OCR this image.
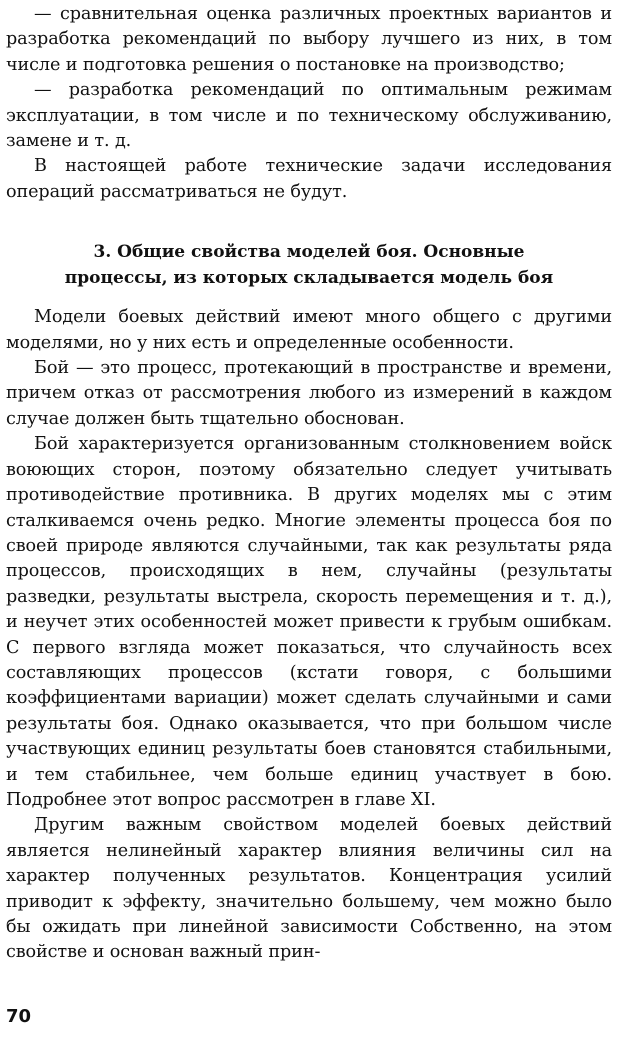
— сравнительная оценка различных проектных вариантов и разработка рекомендаций по выбору лучшего из них, в том числе и подготовка решения о постановке на производство;

— разработка рекомендаций по оптимальным режимам эксплуатации, в том числе и по техническому обслуживанию, замене и т. д.

В настоящей работе технические задачи исследования операций рассматриваться не будут.

3. Общие свойства моделей боя. Основные
процессы, из которых складывается модель боя

Модели боевых действий имеют много общего с другими моделями, но у них есть и определенные особенности.

Бой — это процесс, протекающий в пространстве и времени, причем отказ от рассмотрения любого из измерений в каждом случае должен быть тщательно обоснован.

Бой характеризуется организованным столкновением войск воюющих сторон, поэтому обязательно следует учитывать противодействие противника. В других моделях мы с этим сталкиваемся очень редко. Многие элементы процесса боя по своей природе являются случайными, так как результаты ряда процессов, происходящих в нем, случайны (результаты разведки, результаты выстрела, скорость перемещения и т. д.), и неучет этих особенностей может привести к грубым ошибкам. С первого взгляда может показаться, что случайность всех составляющих процессов (кстати говоря, с большими коэффициентами вариации) может сделать случайными и сами результаты боя. Однако оказывается, что при большом числе участвующих единиц результаты боев становятся стабильными, и тем стабильнее, чем больше единиц участвует в бою. Подробнее этот вопрос рассмотрен в главе XI.

Другим важным свойством моделей боевых действий является нелинейный характер влияния величины сил на характер полученных результатов. Концентрация усилий приводит к эффекту, значительно большему, чем можно было бы ожидать при линейной зависимости Собственно, на этом свойстве и основан важный прин-

70
